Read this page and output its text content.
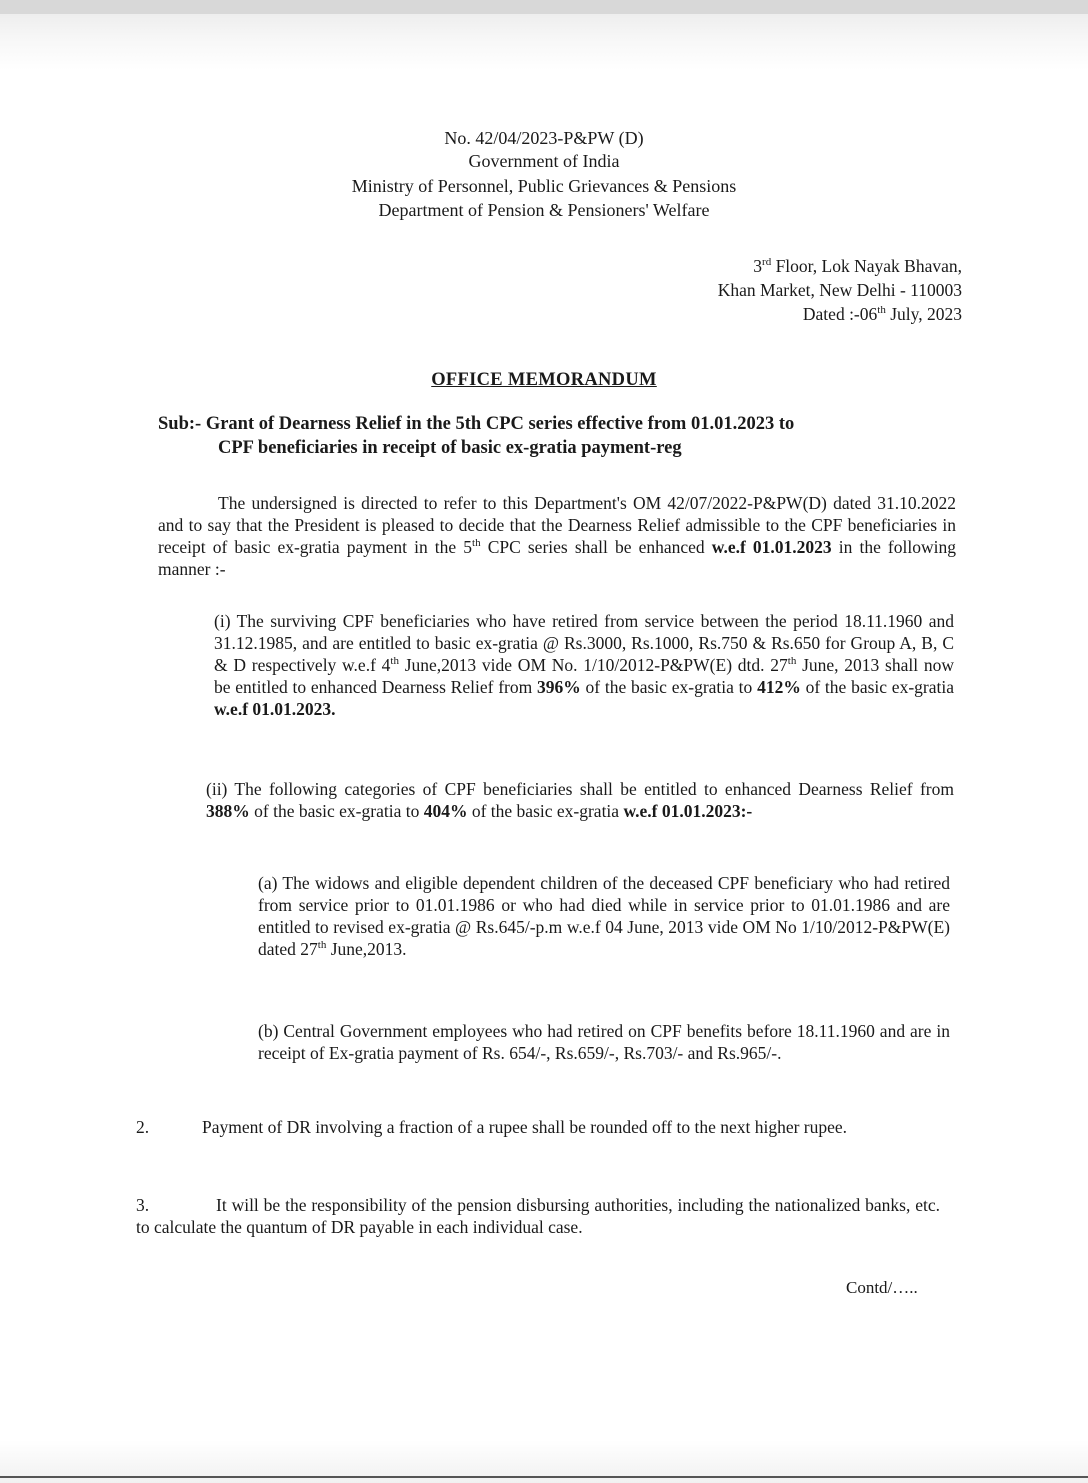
No. 42/04/2023-P&PW (D)
Government of India
Ministry of Personnel, Public Grievances & Pensions
Department of Pension & Pensioners' Welfare
3rd Floor, Lok Nayak Bhavan,
Khan Market, New Delhi - 110003
Dated :-06th July, 2023
OFFICE MEMORANDUM
Sub:- Grant of Dearness Relief in the 5th CPC series effective from 01.01.2023 to
CPF beneficiaries in receipt of basic ex-gratia payment-reg
The undersigned is directed to refer to this Department's OM 42/07/2022-P&PW(D) dated 31.10.2022 and to say that the President is pleased to decide that the Dearness Relief admissible to the CPF beneficiaries in receipt of basic ex-gratia payment in the 5th CPC series shall be enhanced w.e.f 01.01.2023 in the following manner :-
(i) The surviving CPF beneficiaries who have retired from service between the period 18.11.1960 and 31.12.1985, and are entitled to basic ex-gratia @ Rs.3000, Rs.1000, Rs.750 & Rs.650 for Group A, B, C & D respectively w.e.f 4th June,2013 vide OM No. 1/10/2012-P&PW(E) dtd. 27th June, 2013 shall now be entitled to enhanced Dearness Relief from 396% of the basic ex-gratia to 412% of the basic ex-gratia w.e.f 01.01.2023.
(ii) The following categories of CPF beneficiaries shall be entitled to enhanced Dearness Relief from 388% of the basic ex-gratia to 404% of the basic ex-gratia w.e.f 01.01.2023:-
(a) The widows and eligible dependent children of the deceased CPF beneficiary who had retired from service prior to 01.01.1986 or who had died while in service prior to 01.01.1986 and are entitled to revised ex-gratia @ Rs.645/-p.m w.e.f 04 June, 2013 vide OM No 1/10/2012-P&PW(E) dated 27th June,2013.
(b) Central Government employees who had retired on CPF benefits before 18.11.1960 and are in receipt of Ex-gratia payment of Rs. 654/-, Rs.659/-, Rs.703/- and Rs.965/-.
2.	Payment of DR involving a fraction of a rupee shall be rounded off to the next higher rupee.
3.	It will be the responsibility of the pension disbursing authorities, including the nationalized banks, etc. to calculate the quantum of DR payable in each individual case.
Contd/…..
